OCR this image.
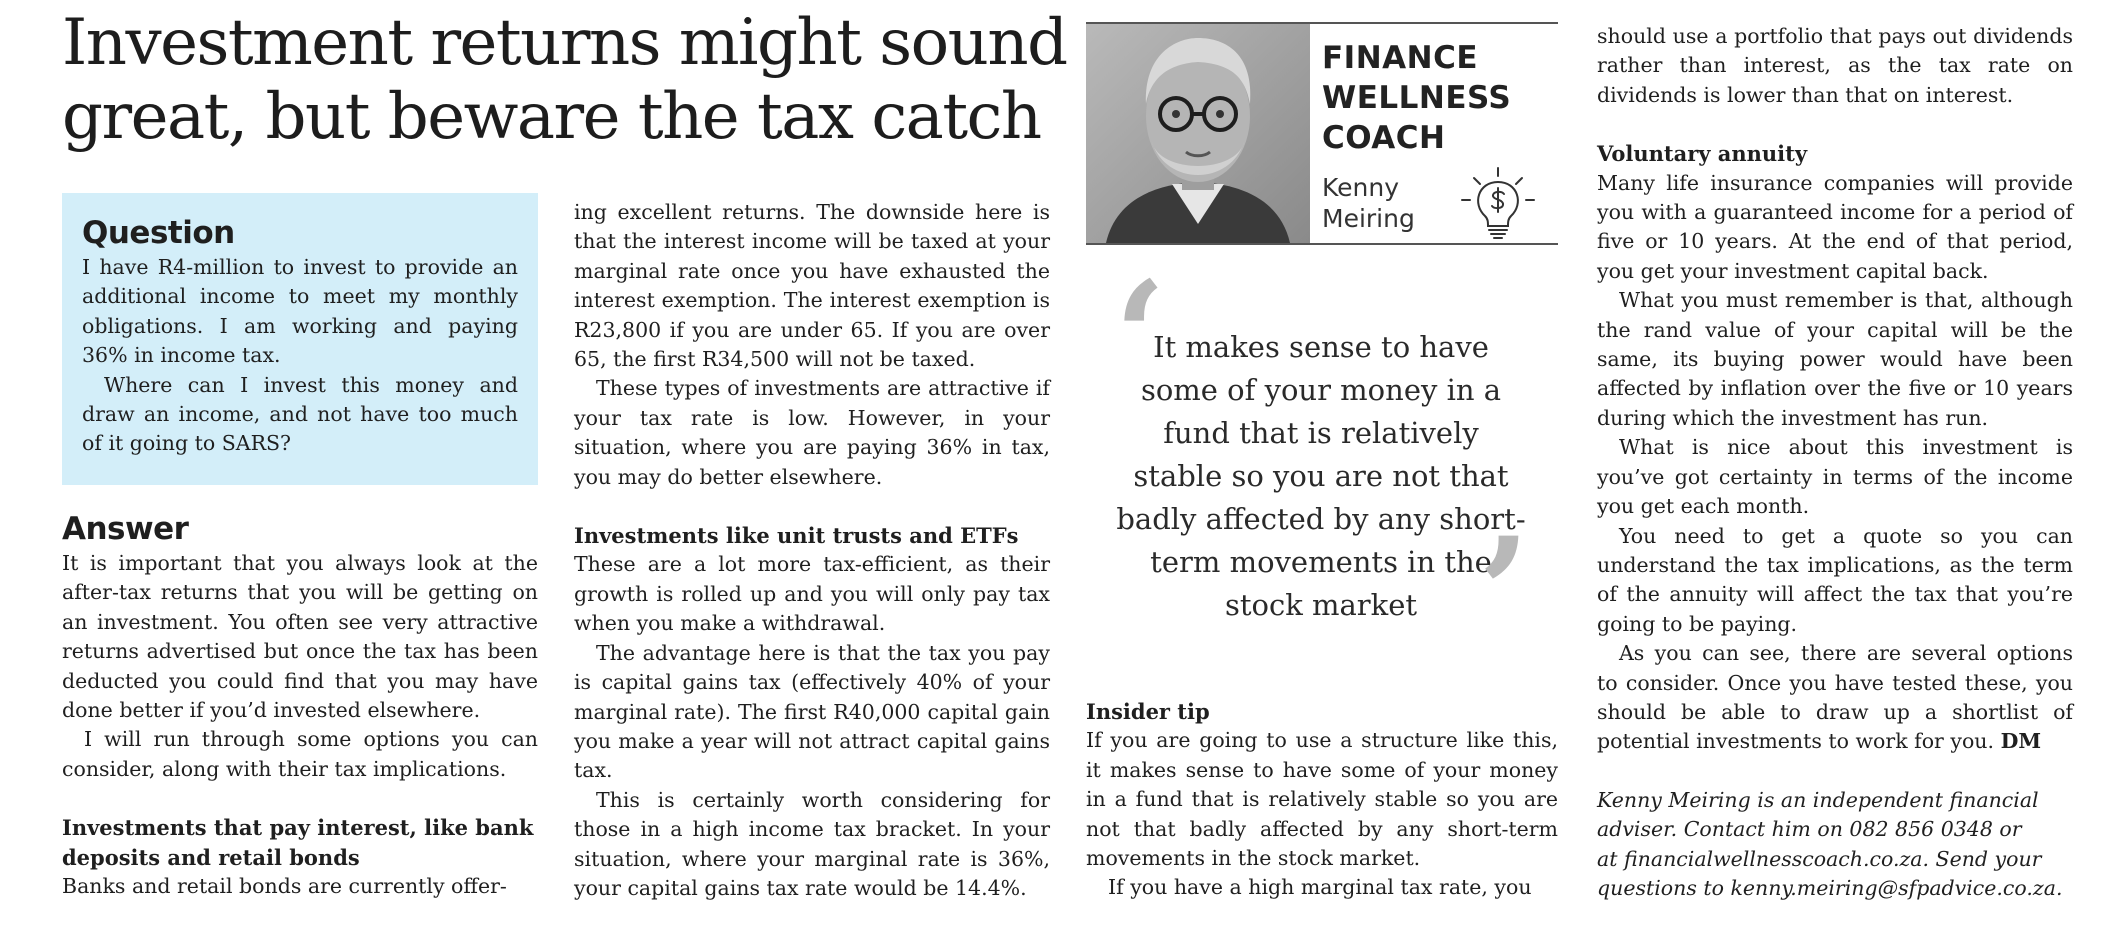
Investment returns might sound great, but beware the tax catch
Question

I have R4-million to invest to provide an additional income to meet my monthly obligations. I am working and paying 36% in income tax.

Where can I invest this money and draw an income, and not have too much of it going to SARS?

Answer

It is important that you always look at the after-tax returns that you will be getting on an investment. You often see very attractive returns advertised but once the tax has been deducted you could find that you may have done better if you’d invested elsewhere.

I will run through some options you can consider, along with their tax implications.

Investments that pay interest, like bank deposits and retail bonds

Banks and retail bonds are currently offer-

ing excellent returns. The downside here is that the interest income will be taxed at your marginal rate once you have exhausted the interest exemption. The interest exemption is R23,800 if you are under 65. If you are over 65, the first R34,500 will not be taxed.

These types of investments are attractive if your tax rate is low. However, in your situation, where you are paying 36% in tax, you may do better elsewhere.

Investments like unit trusts and ETFs

These are a lot more tax-efficient, as their growth is rolled up and you will only pay tax when you make a withdrawal.

The advantage here is that the tax you pay is capital gains tax (effectively 40% of your marginal rate). The first R40,000 capital gain you make a year will not attract capital gains tax.

This is certainly worth considering for those in a high income tax bracket. In your situation, where your marginal rate is 36%, your capital gains tax rate would be 14.4%.

FINANCE
WELLNESS
COACH
Kenny
Meiring
‘
It makes sense to have some of your money in a fund that is relatively stable so you are not that badly affected by any short-term movements in the stock market ’
Insider tip

If you are going to use a structure like this, it makes sense to have some of your money in a fund that is relatively stable so you are not that badly affected by any short-term movements in the stock market.

If you have a high marginal tax rate, you

should use a portfolio that pays out dividends rather than interest, as the tax rate on dividends is lower than that on interest.

Voluntary annuity

Many life insurance companies will provide you with a guaranteed income for a period of five or 10 years. At the end of that period, you get your investment capital back.

What you must remember is that, although the rand value of your capital will be the same, its buying power would have been affected by inflation over the five or 10 years during which the investment has run.

What is nice about this investment is you’ve got certainty in terms of the income you get each month.

You need to get a quote so you can understand the tax implications, as the term of the annuity will affect the tax that you’re going to be paying.

As you can see, there are several options to consider. Once you have tested these, you should be able to draw up a shortlist of potential investments to work for you. DM

Kenny Meiring is an independent financial

adviser. Contact him on 082 856 0348 or

at financialwellnesscoach.co.za. Send your

questions to kenny.meiring@sfpadvice.co.za.
